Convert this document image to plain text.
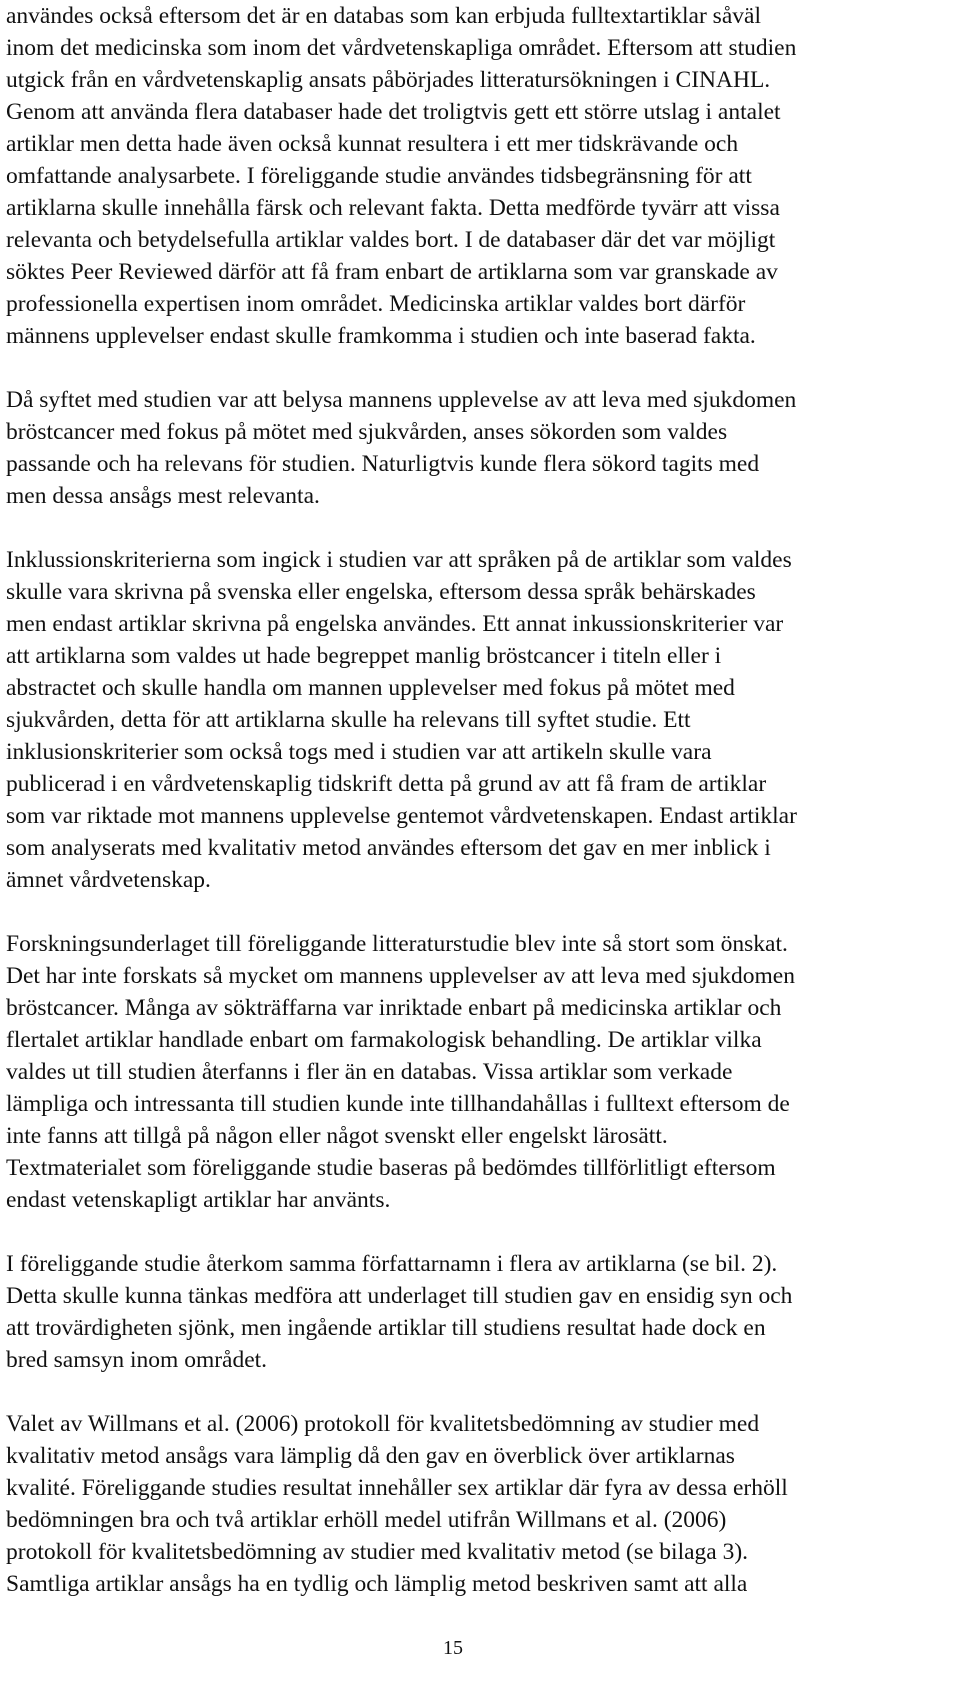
användes också eftersom det är en databas som kan erbjuda fulltextartiklar såväl
inom det medicinska som inom det vårdvetenskapliga området. Eftersom att studien
utgick från en vårdvetenskaplig ansats påbörjades litteratursökningen i CINAHL.
Genom att använda flera databaser hade det troligtvis gett ett större utslag i antalet
artiklar men detta hade även också kunnat resultera i ett mer tidskrävande och
omfattande analysarbete. I föreliggande studie användes tidsbegränsning för att
artiklarna skulle innehålla färsk och relevant fakta. Detta medförde tyvärr att vissa
relevanta och betydelsefulla artiklar valdes bort. I de databaser där det var möjligt
söktes Peer Reviewed därför att få fram enbart de artiklarna som var granskade av
professionella expertisen inom området. Medicinska artiklar valdes bort därför
männens upplevelser endast skulle framkomma i studien och inte baserad fakta.

Då syftet med studien var att belysa mannens upplevelse av att leva med sjukdomen
bröstcancer med fokus på mötet med sjukvården, anses sökorden som valdes
passande och ha relevans för studien. Naturligtvis kunde flera sökord tagits med
men dessa ansågs mest relevanta.

Inklussionskriterierna som ingick i studien var att språken på de artiklar som valdes
skulle vara skrivna på svenska eller engelska, eftersom dessa språk behärskades
men endast artiklar skrivna på engelska användes. Ett annat inkussionskriterier var
att artiklarna som valdes ut hade begreppet manlig bröstcancer i titeln eller i
abstractet och skulle handla om mannen upplevelser med fokus på mötet med
sjukvården, detta för att artiklarna skulle ha relevans till syftet studie. Ett
inklusionskriterier som också togs med i studien var att artikeln skulle vara
publicerad i en vårdvetenskaplig tidskrift detta på grund av att få fram de artiklar
som var riktade mot mannens upplevelse gentemot vårdvetenskapen. Endast artiklar
som analyserats med kvalitativ metod användes eftersom det gav en mer inblick i
ämnet vårdvetenskap.

Forskningsunderlaget till föreliggande litteraturstudie blev inte så stort som önskat.
Det har inte forskats så mycket om mannens upplevelser av att leva med sjukdomen
bröstcancer. Många av sökträffarna var inriktade enbart på medicinska artiklar och
flertalet artiklar handlade enbart om farmakologisk behandling. De artiklar vilka
valdes ut till studien återfanns i fler än en databas. Vissa artiklar som verkade
lämpliga och intressanta till studien kunde inte tillhandahållas i fulltext eftersom de
inte fanns att tillgå på någon eller något svenskt eller engelskt lärosätt.
Textmaterialet som föreliggande studie baseras på bedömdes tillförlitligt eftersom
endast vetenskapligt artiklar har använts.

I föreliggande studie återkom samma författarnamn i flera av artiklarna (se bil. 2).
Detta skulle kunna tänkas medföra att underlaget till studien gav en ensidig syn och
att trovärdigheten sjönk, men ingående artiklar till studiens resultat hade dock en
bred samsyn inom området.

Valet av Willmans et al. (2006) protokoll för kvalitetsbedömning av studier med
kvalitativ metod ansågs vara lämplig då den gav en överblick över artiklarnas
kvalité. Föreliggande studies resultat innehåller sex artiklar där fyra av dessa erhöll
bedömningen bra och två artiklar erhöll medel utifrån Willmans et al. (2006)
protokoll för kvalitetsbedömning av studier med kvalitativ metod (se bilaga 3).
Samtliga artiklar ansågs ha en tydlig och lämplig metod beskriven samt att alla

15
